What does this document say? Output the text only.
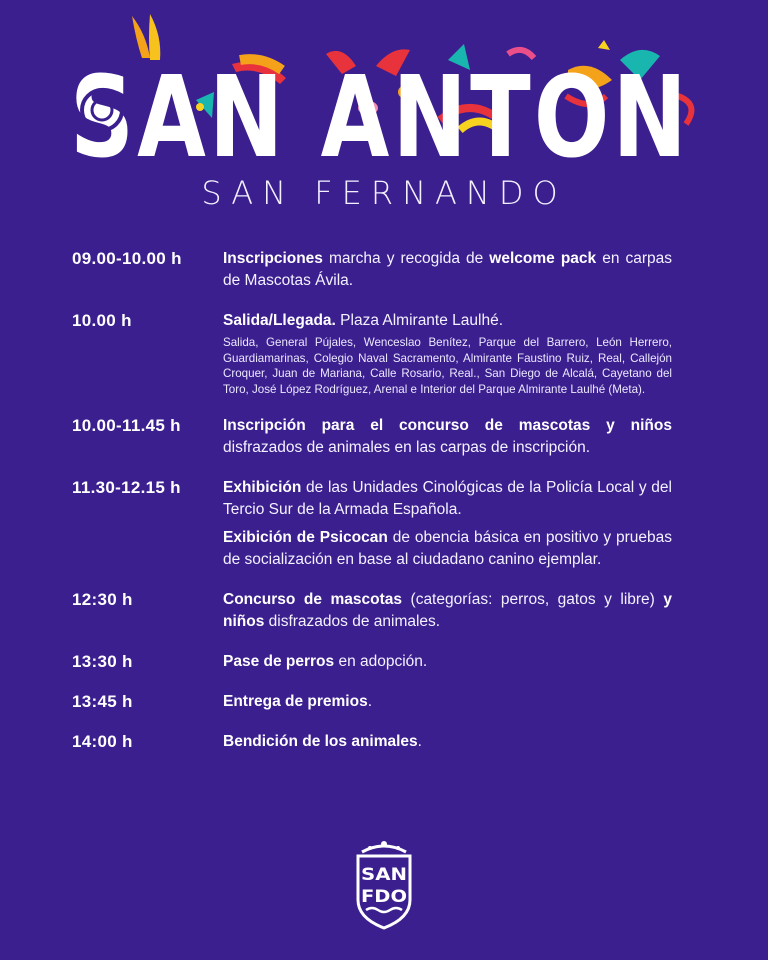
SAN ANTON
SAN FERNANDO
09.00-10.00 h	Inscripciones marcha y recogida de welcome pack en carpas de Mascotas Ávila.
10.00 h	Salida/Llegada. Plaza Almirante Laulhé.
Salida, General Pújales, Wenceslao Benítez, Parque del Barrero, León Herrero, Guardiamarinas, Colegio Naval Sacramento, Almirante Faustino Ruiz, Real, Callejón Croquer, Juan de Mariana, Calle Rosario, Real., San Diego de Alcalá, Cayetano del Toro, José López Rodríguez, Arenal e Interior del Parque Almirante Laulhé (Meta).
10.00-11.45 h	Inscripción para el concurso de mascotas y niños disfrazados de animales en las carpas de inscripción.
11.30-12.15 h	Exhibición de las Unidades Cinológicas de la Policía Local y del Tercio Sur de la Armada Española.
Exibición de Psicocan de obencia básica en positivo y pruebas de socialización en base al ciudadano canino ejemplar.
12:30 h	Concurso de mascotas (categorías: perros, gatos y libre) y niños disfrazados de animales.
13:30 h	Pase de perros en adopción.
13:45 h	Entrega de premios.
14:00 h	Bendición de los animales.
SAN
FDO
